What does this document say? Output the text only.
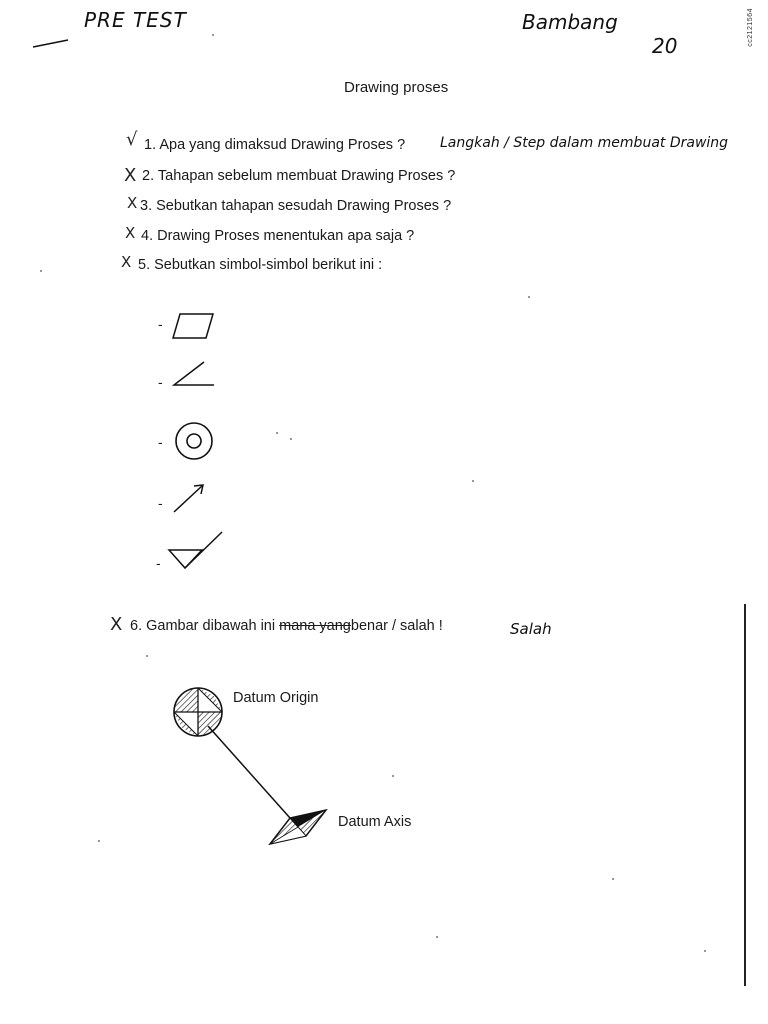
PRE TEST	Bambang
20	cc2121564
Drawing proses
√ 1. Apa yang dimaksud Drawing Proses ? Langkah / Step dalam membuat Drawing
X 2. Tahapan sebelum membuat Drawing Proses ?
X 3. Sebutkan tahapan sesudah Drawing Proses ?
X 4. Drawing Proses menentukan apa saja ?
X 5. Sebutkan simbol-simbol berikut ini :
-
-
-
-
-
X 6. Gambar dibawah ini mana yangbenar / salah !	Salah
Datum Origin
Datum Axis
